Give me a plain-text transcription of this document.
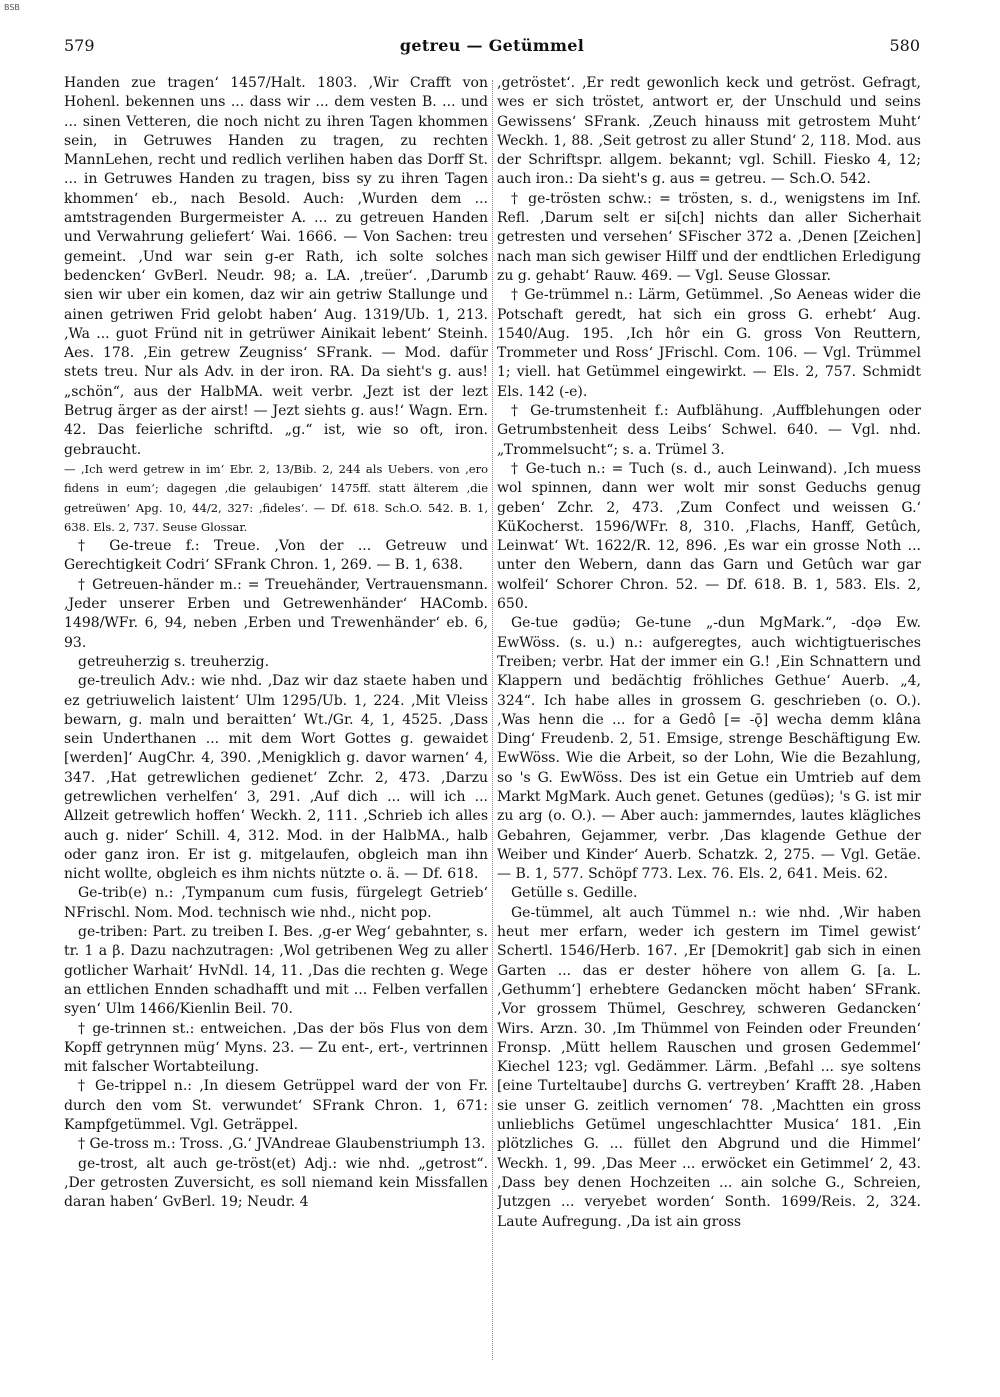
BSB
579	getreu — Getümmel	580

Handen zue tragen‘ 1457/Halt. 1803. ‚Wir Crafft von Hohenl. bekennen uns ... dass wir ... dem vesten B. ... und ... sinen Vetteren, die noch nicht zu ihren Tagen khommen sein, in Getruwes Handen zu tragen, zu rechten MannLehen, recht und redlich verlihen haben das Dorff St. ... in Getruwes Handen zu tragen, biss sy zu ihren Tagen khommen‘ eb., nach Besold. Auch: ‚Wurden dem ... amtstragenden Burgermeister A. ... zu getreuen Handen und Verwahrung geliefert‘ Wai. 1666. — Von Sachen: treu gemeint. ‚Und war sein g-er Rath, ich solte solches bedencken‘ GvBerl. Neudr. 98; a. LA. ‚treüer‘. ‚Darumb sien wir uber ein komen, daz wir ain getriw Stallunge und ainen getriwen Frid gelobt haben‘ Aug. 1319/Ub. 1, 213. ‚Wa ... guot Fründ nit in getrüwer Ainikait lebent‘ Steinh. Aes. 178. ‚Ein getrew Zeugniss‘ SFrank. — Mod. dafür stets treu. Nur als Adv. in der iron. RA. Da sieht's g. aus! „schön“, aus der HalbMA. weit verbr. ‚Jezt ist der lezt Betrug ärger as der airst! — Jezt siehts g. aus!‘ Wagn. Ern. 42. Das feierliche schriftd. „g.“ ist, wie so oft, iron. gebraucht.

— ‚Ich werd getrew in im‘ Ebr. 2, 13/Bib. 2, 244 als Uebers. von ‚ero fidens in eum‘; dagegen ‚die gelaubigen‘ 1475ff. statt älterem ‚die getreüwen‘ Apg. 10, 44/2, 327: ‚fideles‘. — Df. 618. Sch.O. 542. B. 1, 638. Els. 2, 737. Seuse Glossar.

† Ge-treue f.: Treue. ‚Von der ... Getreuw und Gerechtigkeit Codri‘ SFrank Chron. 1, 269. — B. 1, 638.

† Getreuen-händer m.: = Treuehänder, Vertrauensmann. ‚Jeder unserer Erben und Getrewenhänder‘ HAComb. 1498/WFr. 6, 94, neben ‚Erben und Trewenhänder‘ eb. 6, 93.

getreuherzig s. treuherzig.

ge-treulich Adv.: wie nhd. ‚Daz wir daz staete haben und ez getriuwelich laistent‘ Ulm 1295/Ub. 1, 224. ‚Mit Vleiss bewarn, g. maln und beraitten‘ Wt./Gr. 4, 1, 4525. ‚Dass sein Underthanen ... mit dem Wort Gottes g. gewaidet [werden]‘ AugChr. 4, 390. ‚Menigklich g. davor warnen‘ 4, 347. ‚Hat getrewlichen gedienet‘ Zchr. 2, 473. ‚Darzu getrewlichen verhelfen‘ 3, 291. ‚Auf dich ... will ich ... Allzeit getrewlich hoffen‘ Weckh. 2, 111. ‚Schrieb ich alles auch g. nider‘ Schill. 4, 312. Mod. in der HalbMA., halb oder ganz iron. Er ist g. mitgelaufen, obgleich man ihn nicht wollte, obgleich es ihm nichts nützte o. ä. — Df. 618.

Ge-trib(e) n.: ‚Tympanum cum fusis, fürgelegt Getrieb‘ NFrischl. Nom. Mod. technisch wie nhd., nicht pop.

ge-triben: Part. zu treiben I. Bes. ‚g-er Weg‘ gebahnter, s. tr. 1 a β. Dazu nachzutragen: ‚Wol getribenen Weg zu aller gotlicher Warhait‘ HvNdl. 14, 11. ‚Das die rechten g. Wege an ettlichen Ennden schadhafft und mit ... Felben verfallen syen‘ Ulm 1466/Kienlin Beil. 70.

† ge-trinnen st.: entweichen. ‚Das der bös Flus von dem Kopff getrynnen müg‘ Myns. 23. — Zu ent-, ert-, vertrinnen mit falscher Wortabteilung.

† Ge-trippel n.: ‚In diesem Getrüppel ward der von Fr. durch den vom St. verwundet‘ SFrank Chron. 1, 671: Kampfgetümmel. Vgl. Geträppel.

† Ge-tross m.: Tross. ‚G.‘ JVAndreae Glaubenstriumph 13.

ge-trost, alt auch ge-tröst(et) Adj.: wie nhd. „getrost“. ‚Der getrosten Zuversicht, es soll niemand kein Missfallen daran haben‘ GvBerl. 19; Neudr. 4

‚getröstet‘. ‚Er redt gewonlich keck und getröst. Gefragt, wes er sich tröstet, antwort er, der Unschuld und seins Gewissens‘ SFrank. ‚Zeuch hinauss mit getrostem Muht‘ Weckh. 1, 88. ‚Seit getrost zu aller Stund‘ 2, 118. Mod. aus der Schriftspr. allgem. bekannt; vgl. Schill. Fiesko 4, 12; auch iron.: Da sieht's g. aus = getreu. — Sch.O. 542.

† ge-trösten schw.: = trösten, s. d., wenigstens im Inf. Refl. ‚Darum selt er si[ch] nichts dan aller Sicherhait getresten und versehen‘ SFischer 372 a. ‚Denen [Zeichen] nach man sich gewiser Hilff und der endtlichen Erledigung zu g. gehabt‘ Rauw. 469. — Vgl. Seuse Glossar.

† Ge-trümmel n.: Lärm, Getümmel. ‚So Aeneas wider die Potschaft geredt, hat sich ein gross G. erhebt‘ Aug. 1540/Aug. 195. ‚Ich hôr ein G. gross Von Reuttern, Trommeter und Ross‘ JFrischl. Com. 106. — Vgl. Trümmel 1; viell. hat Getümmel eingewirkt. — Els. 2, 757. Schmidt Els. 142 (-e).

† Ge-trumstenheit f.: Aufblähung. ‚Auffblehungen oder Getrumbstenheit dess Leibs‘ Schwel. 640. — Vgl. nhd. „Trommelsucht“; s. a. Trümel 3.

† Ge-tuch n.: = Tuch (s. d., auch Leinwand). ‚Ich muess wol spinnen, dann wer wolt mir sonst Geduchs genug geben‘ Zchr. 2, 473. ‚Zum Confect und weissen G.‘ KüKocherst. 1596/WFr. 8, 310. ‚Flachs, Hanff, Getûch, Leinwat‘ Wt. 1622/R. 12, 896. ‚Es war ein grosse Noth ... unter den Webern, dann das Garn und Getûch war gar wolfeil‘ Schorer Chron. 52. — Df. 618. B. 1, 583. Els. 2, 650.

Ge-tue gədüə; Ge-tune „-dun MgMark.“, -dǫə Ew. EwWöss. (s. u.) n.: aufgeregtes, auch wichtigtuerisches Treiben; verbr. Hat der immer ein G.! ‚Ein Schnattern und Klappern und bedächtig fröhliches Gethue‘ Auerb. „4, 324“. Ich habe alles in grossem G. geschrieben (o. O.). ‚Was henn die ... for a Gedô [= -ǭ] wecha demm klâna Ding‘ Freudenb. 2, 51. Emsige, strenge Beschäftigung Ew. EwWöss. Wie die Arbeit, so der Lohn, Wie die Bezahlung, so 's G. EwWöss. Des ist ein Getue ein Umtrieb auf dem Markt MgMark. Auch genet. Getunes (gedüəs); 's G. ist mir zu arg (o. O.). — Aber auch: jammerndes, lautes klägliches Gebahren, Gejammer, verbr. ‚Das klagende Gethue der Weiber und Kinder‘ Auerb. Schatzk. 2, 275. — Vgl. Getäe. — B. 1, 577. Schöpf 773. Lex. 76. Els. 2, 641. Meis. 62.

Getülle s. Gedille.

Ge-tümmel, alt auch Tümmel n.: wie nhd. ‚Wir haben heut mer erfarn, weder ich gestern im Timel gewist‘ Schertl. 1546/Herb. 167. ‚Er [Demokrit] gab sich in einen Garten ... das er dester höhere von allem G. [a. L. ‚Gethumm‘] erhebtere Gedancken möcht haben‘ SFrank. ‚Vor grossem Thümel, Geschrey, schweren Gedancken‘ Wirs. Arzn. 30. ‚Im Thümmel von Feinden oder Freunden‘ Fronsp. ‚Mütt hellem Rauschen und grosen Gedemmel‘ Kiechel 123; vgl. Gedämmer. Lärm. ‚Befahl ... sye soltens [eine Turteltaube] durchs G. vertreyben‘ Krafft 28. ‚Haben sie unser G. zeitlich vernomen‘ 78. ‚Machtten ein gross unlieblichs Getümel ungeschlachtter Musica‘ 181. ‚Ein plötzliches G. ... füllet den Abgrund und die Himmel‘ Weckh. 1, 99. ‚Das Meer ... erwöcket ein Getimmel‘ 2, 43. ‚Dass bey denen Hochzeiten ... ain solche G., Schreien, Jutzgen ... veryebet worden‘ Sonth. 1699/Reis. 2, 324. Laute Aufregung. ‚Da ist ain gross
